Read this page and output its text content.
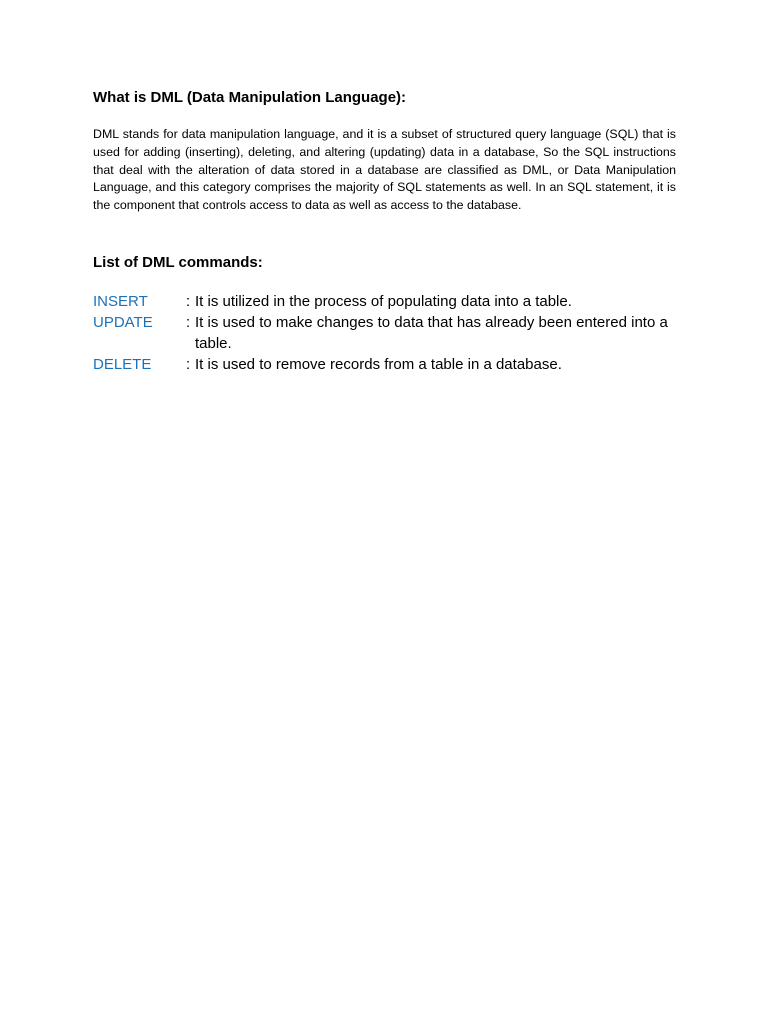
What is DML (Data Manipulation Language):

DML stands for data manipulation language, and it is a subset of structured query language (SQL) that is used for adding (inserting), deleting, and altering (updating) data in a database, So the SQL instructions that deal with the alteration of data stored in a database are classified as DML, or Data Manipulation Language, and this category comprises the majority of SQL statements as well. In an SQL statement, it is the component that controls access to data as well as access to the database.

List of DML commands:
INSERT	: It is utilized in the process of populating data into a table.
UPDATE	: It is used to make changes to data that has already been entered into a table.
DELETE	: It is used to remove records from a table in a database.
